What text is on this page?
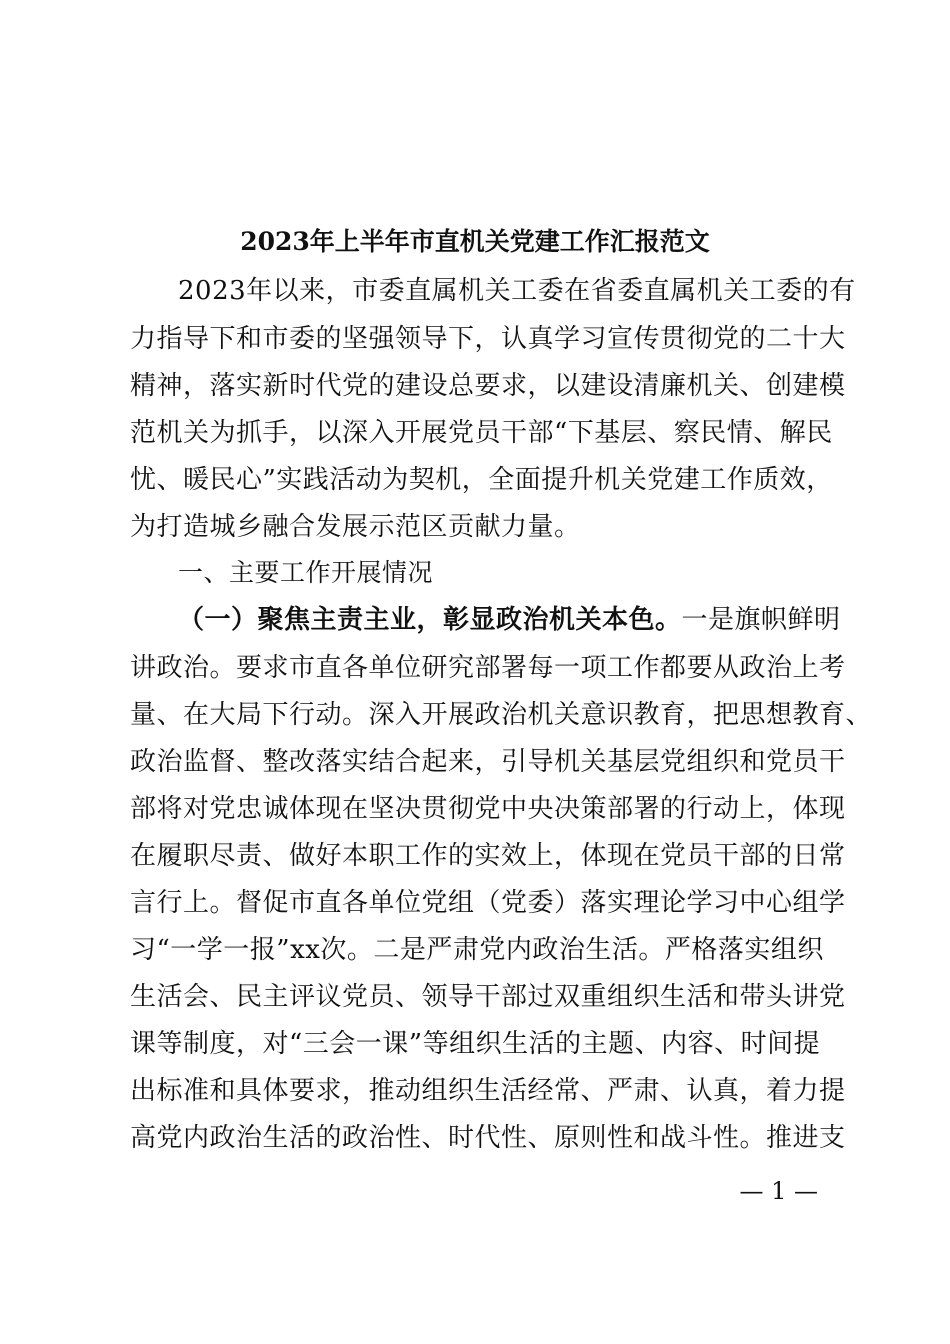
2023年上半年市直机关党建工作汇报范文
2023年以来，市委直属机关工委在省委直属机关工委的有
力指导下和市委的坚强领导下，认真学习宣传贯彻党的二十大
精神，落实新时代党的建设总要求，以建设清廉机关、创建模
范机关为抓手，以深入开展党员干部“下基层、察民情、解民
忧、暖民心”实践活动为契机，全面提升机关党建工作质效，
为打造城乡融合发展示范区贡献力量。
一、主要工作开展情况
（一）聚焦主责主业，彰显政治机关本色。一是旗帜鲜明
讲政治。要求市直各单位研究部署每一项工作都要从政治上考
量、在大局下行动。深入开展政治机关意识教育，把思想教育、
政治监督、整改落实结合起来，引导机关基层党组织和党员干
部将对党忠诚体现在坚决贯彻党中央决策部署的行动上，体现
在履职尽责、做好本职工作的实效上，体现在党员干部的日常
言行上。督促市直各单位党组（党委）落实理论学习中心组学
习“一学一报”xx次。二是严肃党内政治生活。严格落实组织
生活会、民主评议党员、领导干部过双重组织生活和带头讲党
课等制度，对“三会一课”等组织生活的主题、内容、时间提
出标准和具体要求，推动组织生活经常、严肃、认真，着力提
高党内政治生活的政治性、时代性、原则性和战斗性。推进支
— 1 —
